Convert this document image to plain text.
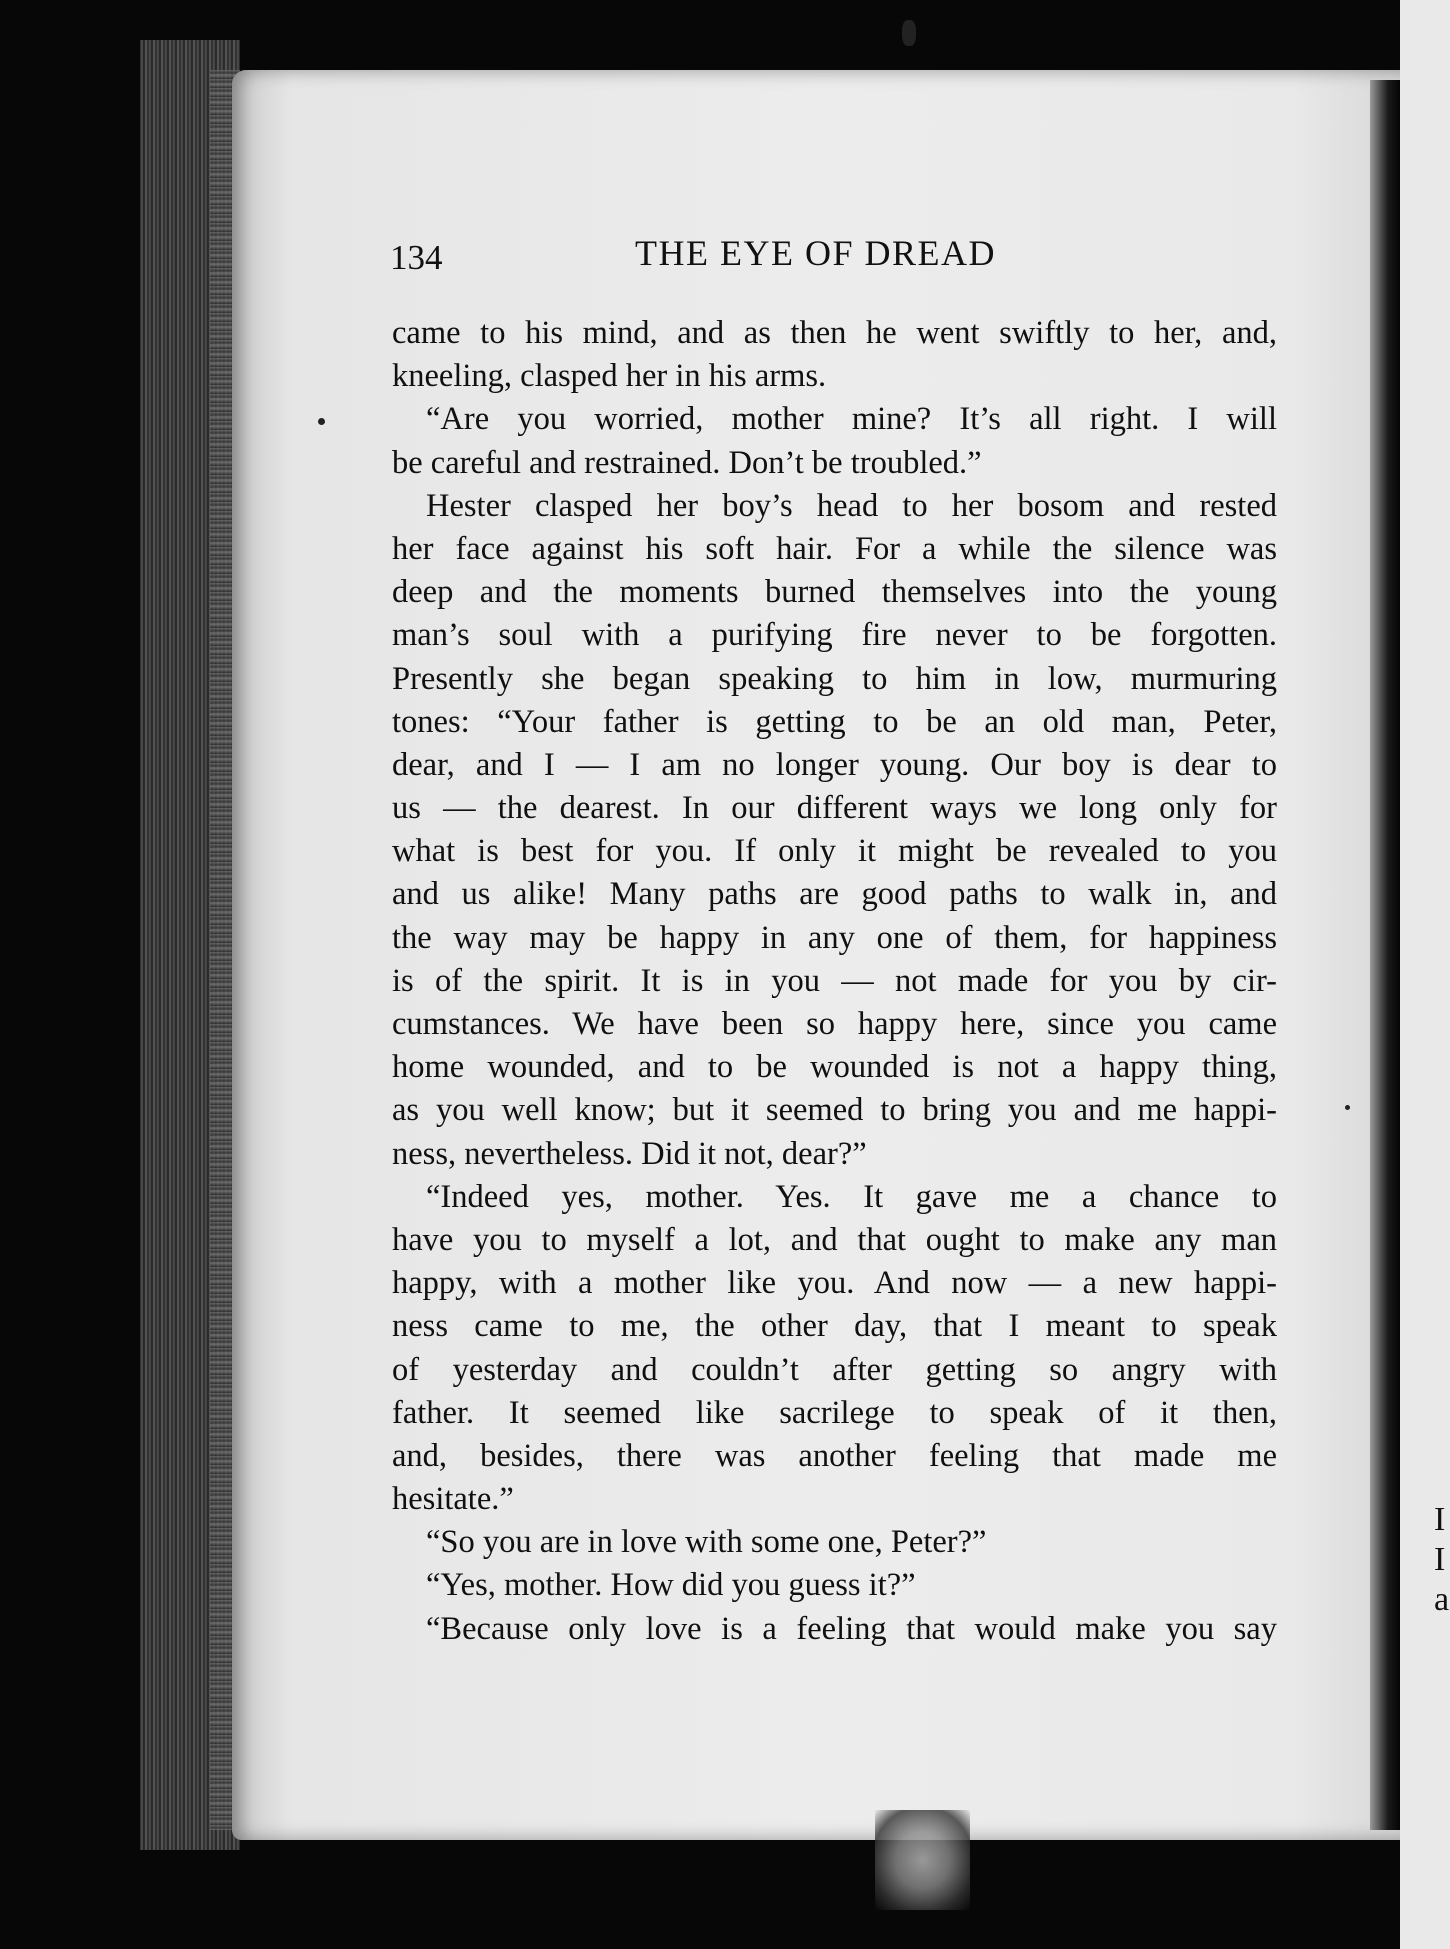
I
I
a
134	THE EYE OF DREAD
came to his mind, and as then he went swiftly to her, and,
kneeling, clasped her in his arms.
“Are you worried, mother mine? It’s all right. I will
be careful and restrained. Don’t be troubled.”
Hester clasped her boy’s head to her bosom and rested
her face against his soft hair. For a while the silence was
deep and the moments burned themselves into the young
man’s soul with a purifying fire never to be forgotten.
Presently she began speaking to him in low, murmuring
tones: “Your father is getting to be an old man, Peter,
dear, and I — I am no longer young. Our boy is dear to
us — the dearest. In our different ways we long only for
what is best for you. If only it might be revealed to you
and us alike! Many paths are good paths to walk in, and
the way may be happy in any one of them, for happiness
is of the spirit. It is in you — not made for you by cir-
cumstances. We have been so happy here, since you came
home wounded, and to be wounded is not a happy thing,
as you well know; but it seemed to bring you and me happi-
ness, nevertheless. Did it not, dear?”
“Indeed yes, mother. Yes. It gave me a chance to
have you to myself a lot, and that ought to make any man
happy, with a mother like you. And now — a new happi-
ness came to me, the other day, that I meant to speak
of yesterday and couldn’t after getting so angry with
father. It seemed like sacrilege to speak of it then,
and, besides, there was another feeling that made me
hesitate.”
“So you are in love with some one, Peter?”
“Yes, mother. How did you guess it?”
“Because only love is a feeling that would make you say
